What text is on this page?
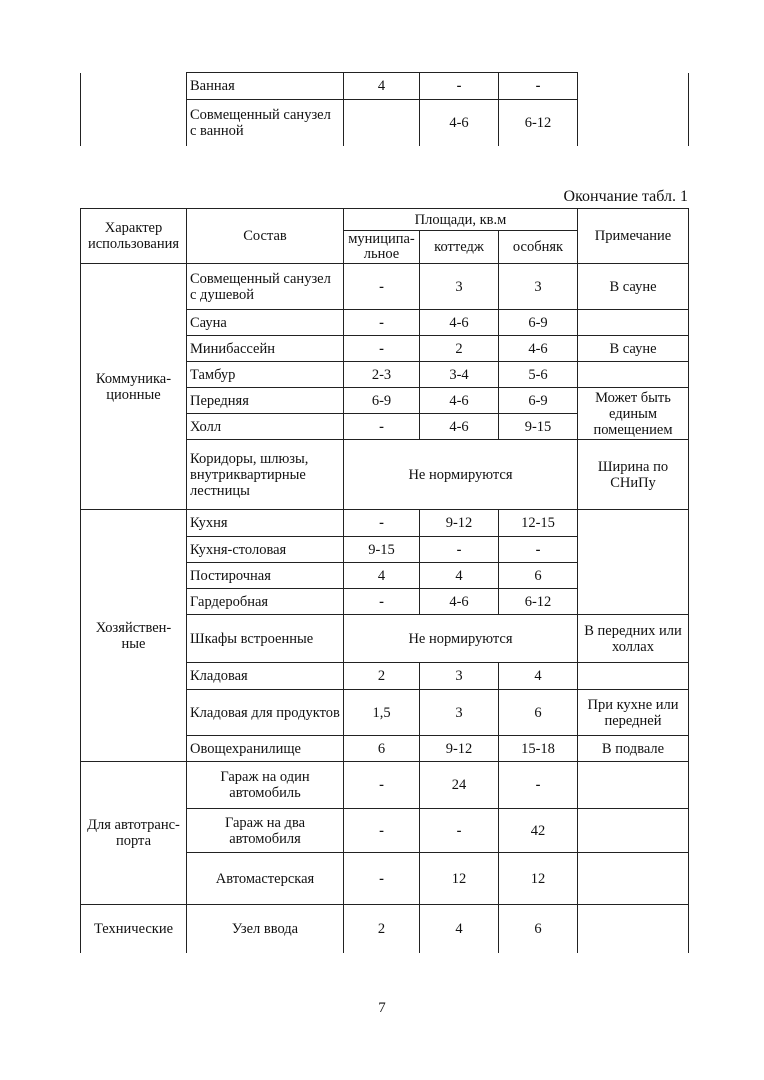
	Ванная	4	-	-	
	Совмещенный санузел с ванной		4-6	6-12	
Окончание табл. 1
Характер использования	Состав	Площади, кв.м			Примечание
		муниципа-льное	коттедж	особняк	
Коммуника-ционные	Совмещенный санузел с душевой	-	3	3	В сауне
	Сауна	-	4-6	6-9	
	Минибассейн	-	2	4-6	В сауне
	Тамбур	2-3	3-4	5-6	
	Передняя	6-9	4-6	6-9	Может быть единым помещением
	Холл	-	4-6	9-15	
	Коридоры, шлюзы, внутриквартирные лестницы	Не нормируются			Ширина по СНиПу
Хозяйствен-ные	Кухня	-	9-12	12-15	
	Кухня-столовая	9-15	-	-	
	Постирочная	4	4	6	
	Гардеробная	-	4-6	6-12	
	Шкафы встроенные	Не нормируются			В передних или холлах
	Кладовая	2	3	4	
	Кладовая для продуктов	1,5	3	6	При кухне или передней
	Овощехранилище	6	9-12	15-18	В подвале
Для автотранс-порта	Гараж на один автомобиль	-	24	-	
	Гараж на два автомобиля	-	-	42	
	Автомастерская	-	12	12	
Технические	Узел ввода	2	4	6	
7
